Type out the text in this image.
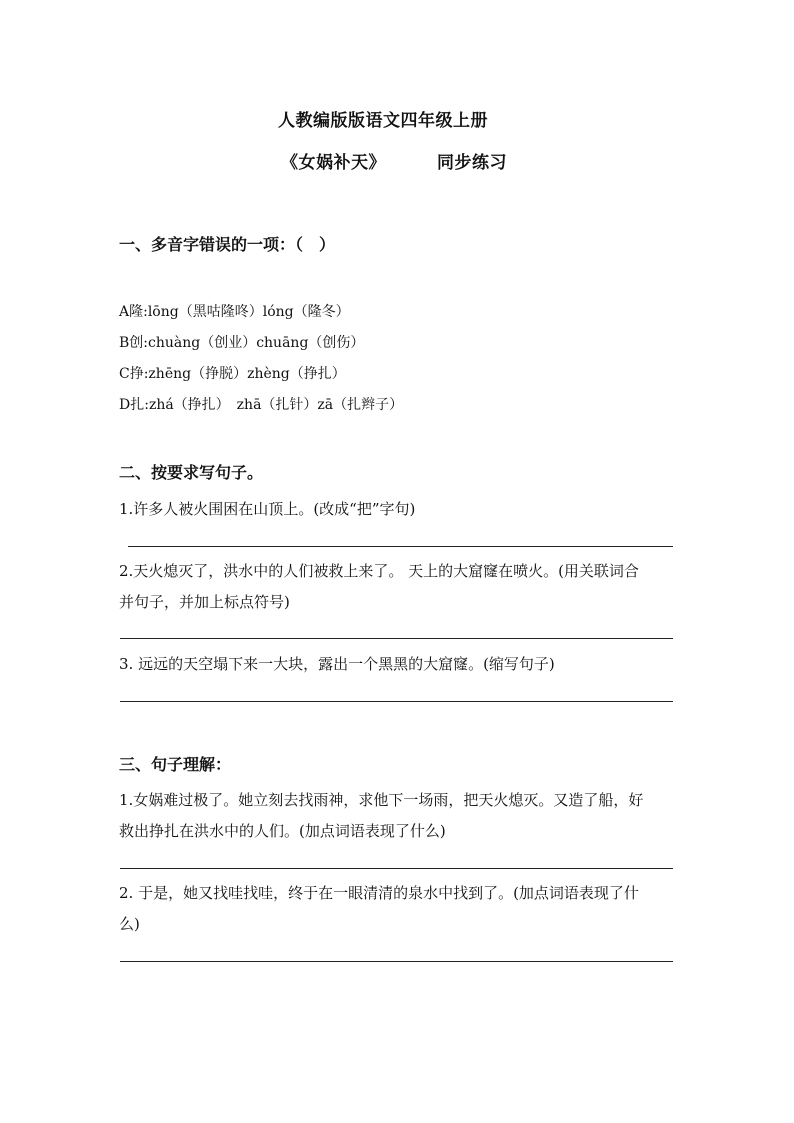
人教编版版语文四年级上册
《女娲补天》	同步练习
一、多音字错误的一项：（　）
A隆:lōng（黑咕隆咚）lóng（隆冬）
B创:chuàng（创业）chuāng（创伤）
C挣:zhēng（挣脱）zhèng（挣扎）
D扎:zhá（挣扎）　zhā（扎针）zā（扎辫子）
二、按要求写句子。
1.许多人被火围困在山顶上。(改成“把”字句)
2.天火熄灭了，洪水中的人们被救上来了。 天上的大窟窿在喷火。(用关联词合
并句子，并加上标点符号)
3. 远远的天空塌下来一大块，露出一个黑黑的大窟窿。(缩写句子)
三、句子理解：
1.女娲难过极了。她立刻去找雨神，求他下一场雨，把天火熄灭。又造了船，好
救出挣扎在洪水中的人们。(加点词语表现了什么)
2. 于是，她又找哇找哇，终于在一眼清清的泉水中找到了。(加点词语表现了什
么)
